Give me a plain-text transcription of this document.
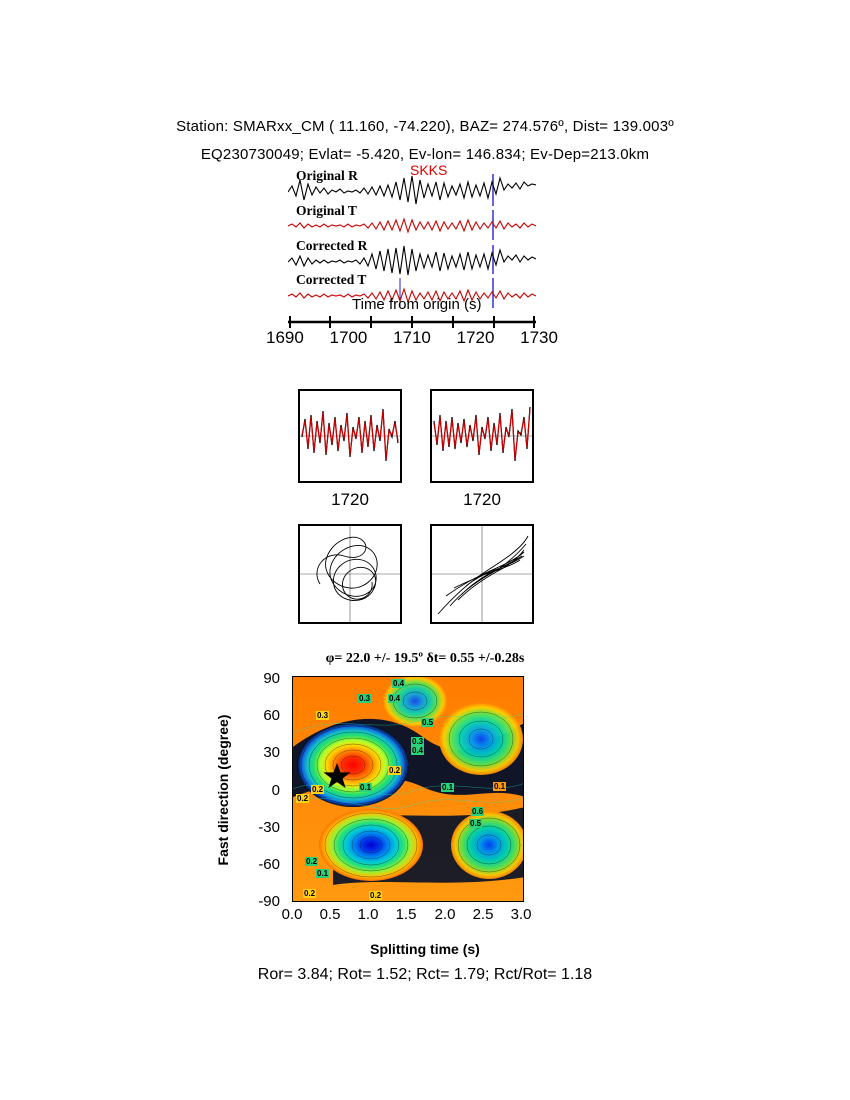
Station: SMARxx_CM ( 11.160, -74.220), BAZ= 274.576º, Dist= 139.003º
EQ230730049; Evlat= -5.420, Ev-lon= 146.834; Ev-Dep=213.0km
Original R
Original T
Corrected R
Corrected T
SKKS
Time from origin (s)
1690 1700 1710 1720 1730
1720	1720
φ= 22.0 +/- 19.5º δt= 0.55 +/-0.28s
Fast direction (degree)
90
60
30
0
-30
-60
-90
0.4
0.3 0.4
0.3
0.5
0.3
0.4
0.2
0.2	0.1	0.1	0.1
0.2
0.6
0.5
0.2
0.1
0.2	0.2
0.0	0.5	1.0	1.5	2.0	2.5	3.0
Splitting time (s)
Ror= 3.84; Rot= 1.52; Rct= 1.79; Rct/Rot= 1.18
